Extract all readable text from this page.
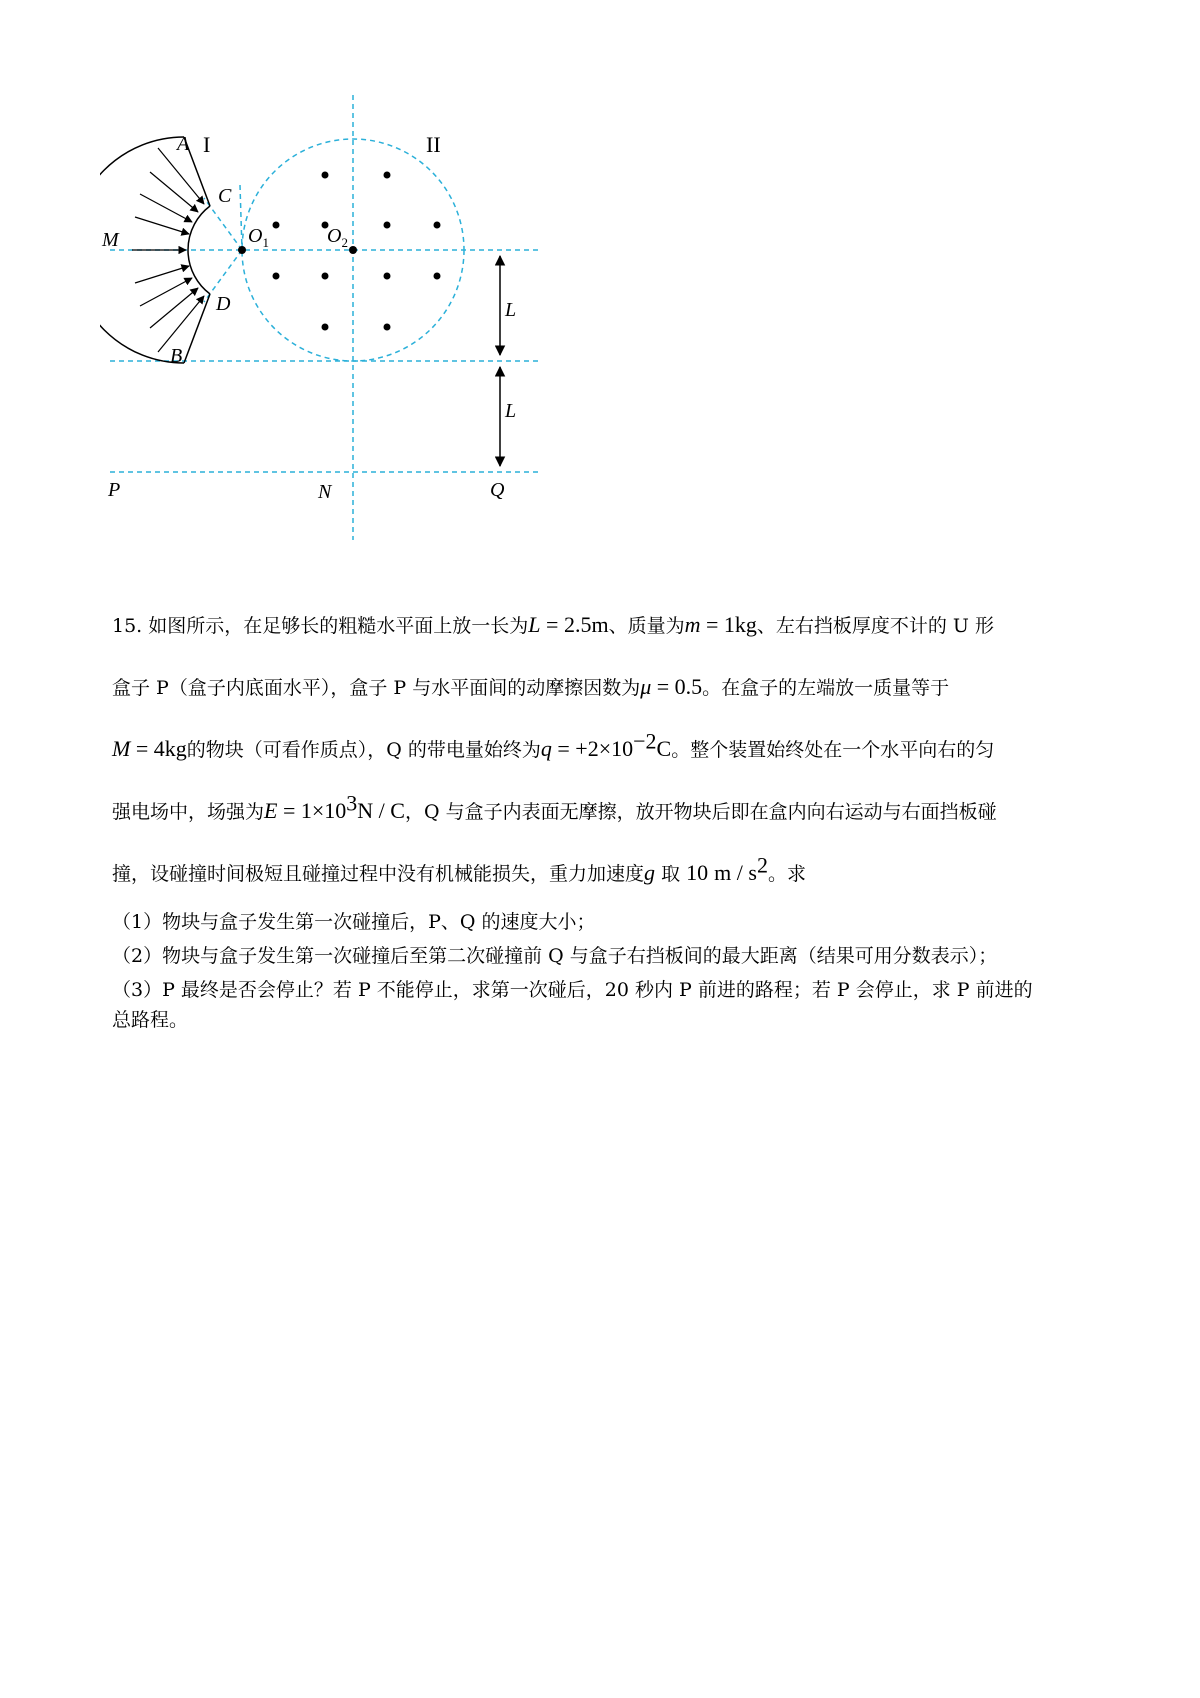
I	II
A
C
M
D
B
$O_1$	$O_2$
L
L
P	N	Q
15. 如图所示，在足够长的粗糙水平面上放一长为L = 2.5m、质量为m = 1kg、左右挡板厚度不计的 U 形
盒子 P（盒子内底面水平），盒子 P 与水平面间的动摩擦因数为μ = 0.5。在盒子的左端放一质量等于
M = 4kg的物块（可看作质点），Q 的带电量始终为$q = +2\times 10^{-2}C$。整个装置始终处在一个水平向右的匀
强电场中，场强为$E = 1\times 10^3N / C$，Q 与盒子内表面无摩擦，放开物块后即在盒内向右运动与右面挡板碰
撞，设碰撞时间极短且碰撞过程中没有机械能损失，重力加速度g 取 10 m / $s^2$。求
（1）物块与盒子发生第一次碰撞后，P、Q 的速度大小；
（2）物块与盒子发生第一次碰撞后至第二次碰撞前 Q 与盒子右挡板间的最大距离（结果可用分数表示）；
（3）P 最终是否会停止？若 P 不能停止，求第一次碰后，20 秒内 P 前进的路程；若 P 会停止，求 P 前进的
总路程。
